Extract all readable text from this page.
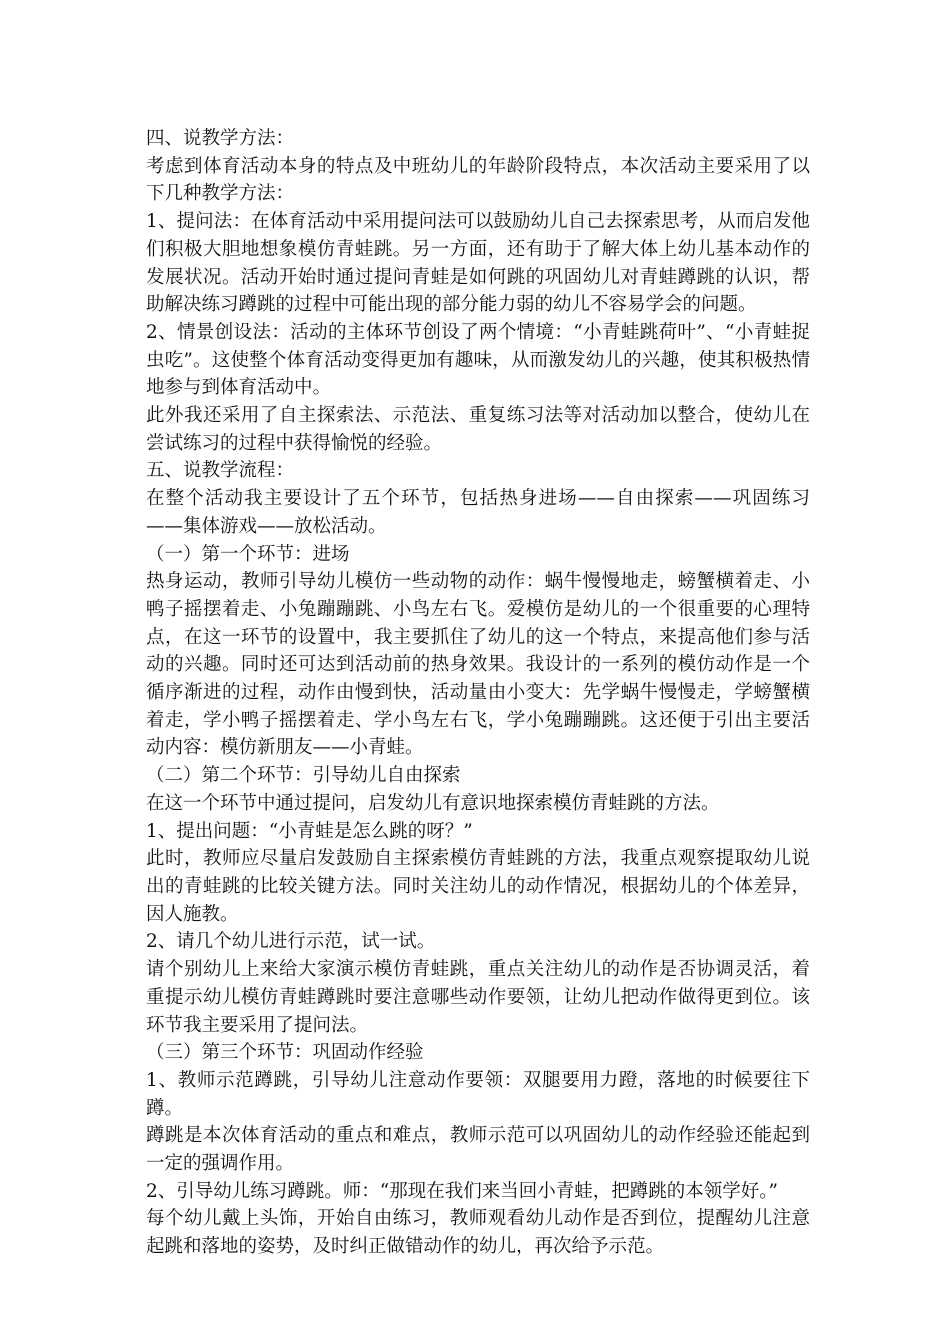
四、说教学方法：

考虑到体育活动本身的特点及中班幼儿的年龄阶段特点，本次活动主要采用了以下几种教学方法：

1、提问法：在体育活动中采用提问法可以鼓励幼儿自己去探索思考，从而启发他们积极大胆地想象模仿青蛙跳。另一方面，还有助于了解大体上幼儿基本动作的发展状况。活动开始时通过提问青蛙是如何跳的巩固幼儿对青蛙蹲跳的认识，帮助解决练习蹲跳的过程中可能出现的部分能力弱的幼儿不容易学会的问题。

2、情景创设法：活动的主体环节创设了两个情境：“小青蛙跳荷叶”、“小青蛙捉虫吃”。这使整个体育活动变得更加有趣味，从而激发幼儿的兴趣，使其积极热情地参与到体育活动中。

此外我还采用了自主探索法、示范法、重复练习法等对活动加以整合，使幼儿在尝试练习的过程中获得愉悦的经验。

五、说教学流程：

在整个活动我主要设计了五个环节，包括热身进场——自由探索——巩固练习——集体游戏——放松活动。

（一）第一个环节：进场

热身运动，教师引导幼儿模仿一些动物的动作：蜗牛慢慢地走，螃蟹横着走、小鸭子摇摆着走、小兔蹦蹦跳、小鸟左右飞。爱模仿是幼儿的一个很重要的心理特点，在这一环节的设置中，我主要抓住了幼儿的这一个特点，来提高他们参与活动的兴趣。同时还可达到活动前的热身效果。我设计的一系列的模仿动作是一个循序渐进的过程，动作由慢到快，活动量由小变大：先学蜗牛慢慢走，学螃蟹横着走，学小鸭子摇摆着走、学小鸟左右飞，学小兔蹦蹦跳。这还便于引出主要活动内容：模仿新朋友——小青蛙。

（二）第二个环节：引导幼儿自由探索

在这一个环节中通过提问，启发幼儿有意识地探索模仿青蛙跳的方法。

1、提出问题：“小青蛙是怎么跳的呀？”

此时，教师应尽量启发鼓励自主探索模仿青蛙跳的方法，我重点观察提取幼儿说出的青蛙跳的比较关键方法。同时关注幼儿的动作情况，根据幼儿的个体差异，因人施教。

2、请几个幼儿进行示范，试一试。

请个别幼儿上来给大家演示模仿青蛙跳，重点关注幼儿的动作是否协调灵活，着重提示幼儿模仿青蛙蹲跳时要注意哪些动作要领，让幼儿把动作做得更到位。该环节我主要采用了提问法。

（三）第三个环节：巩固动作经验

1、教师示范蹲跳，引导幼儿注意动作要领：双腿要用力蹬，落地的时候要往下蹲。

蹲跳是本次体育活动的重点和难点，教师示范可以巩固幼儿的动作经验还能起到一定的强调作用。

2、引导幼儿练习蹲跳。师：“那现在我们来当回小青蛙，把蹲跳的本领学好。”

每个幼儿戴上头饰，开始自由练习，教师观看幼儿动作是否到位，提醒幼儿注意起跳和落地的姿势，及时纠正做错动作的幼儿，再次给予示范。
